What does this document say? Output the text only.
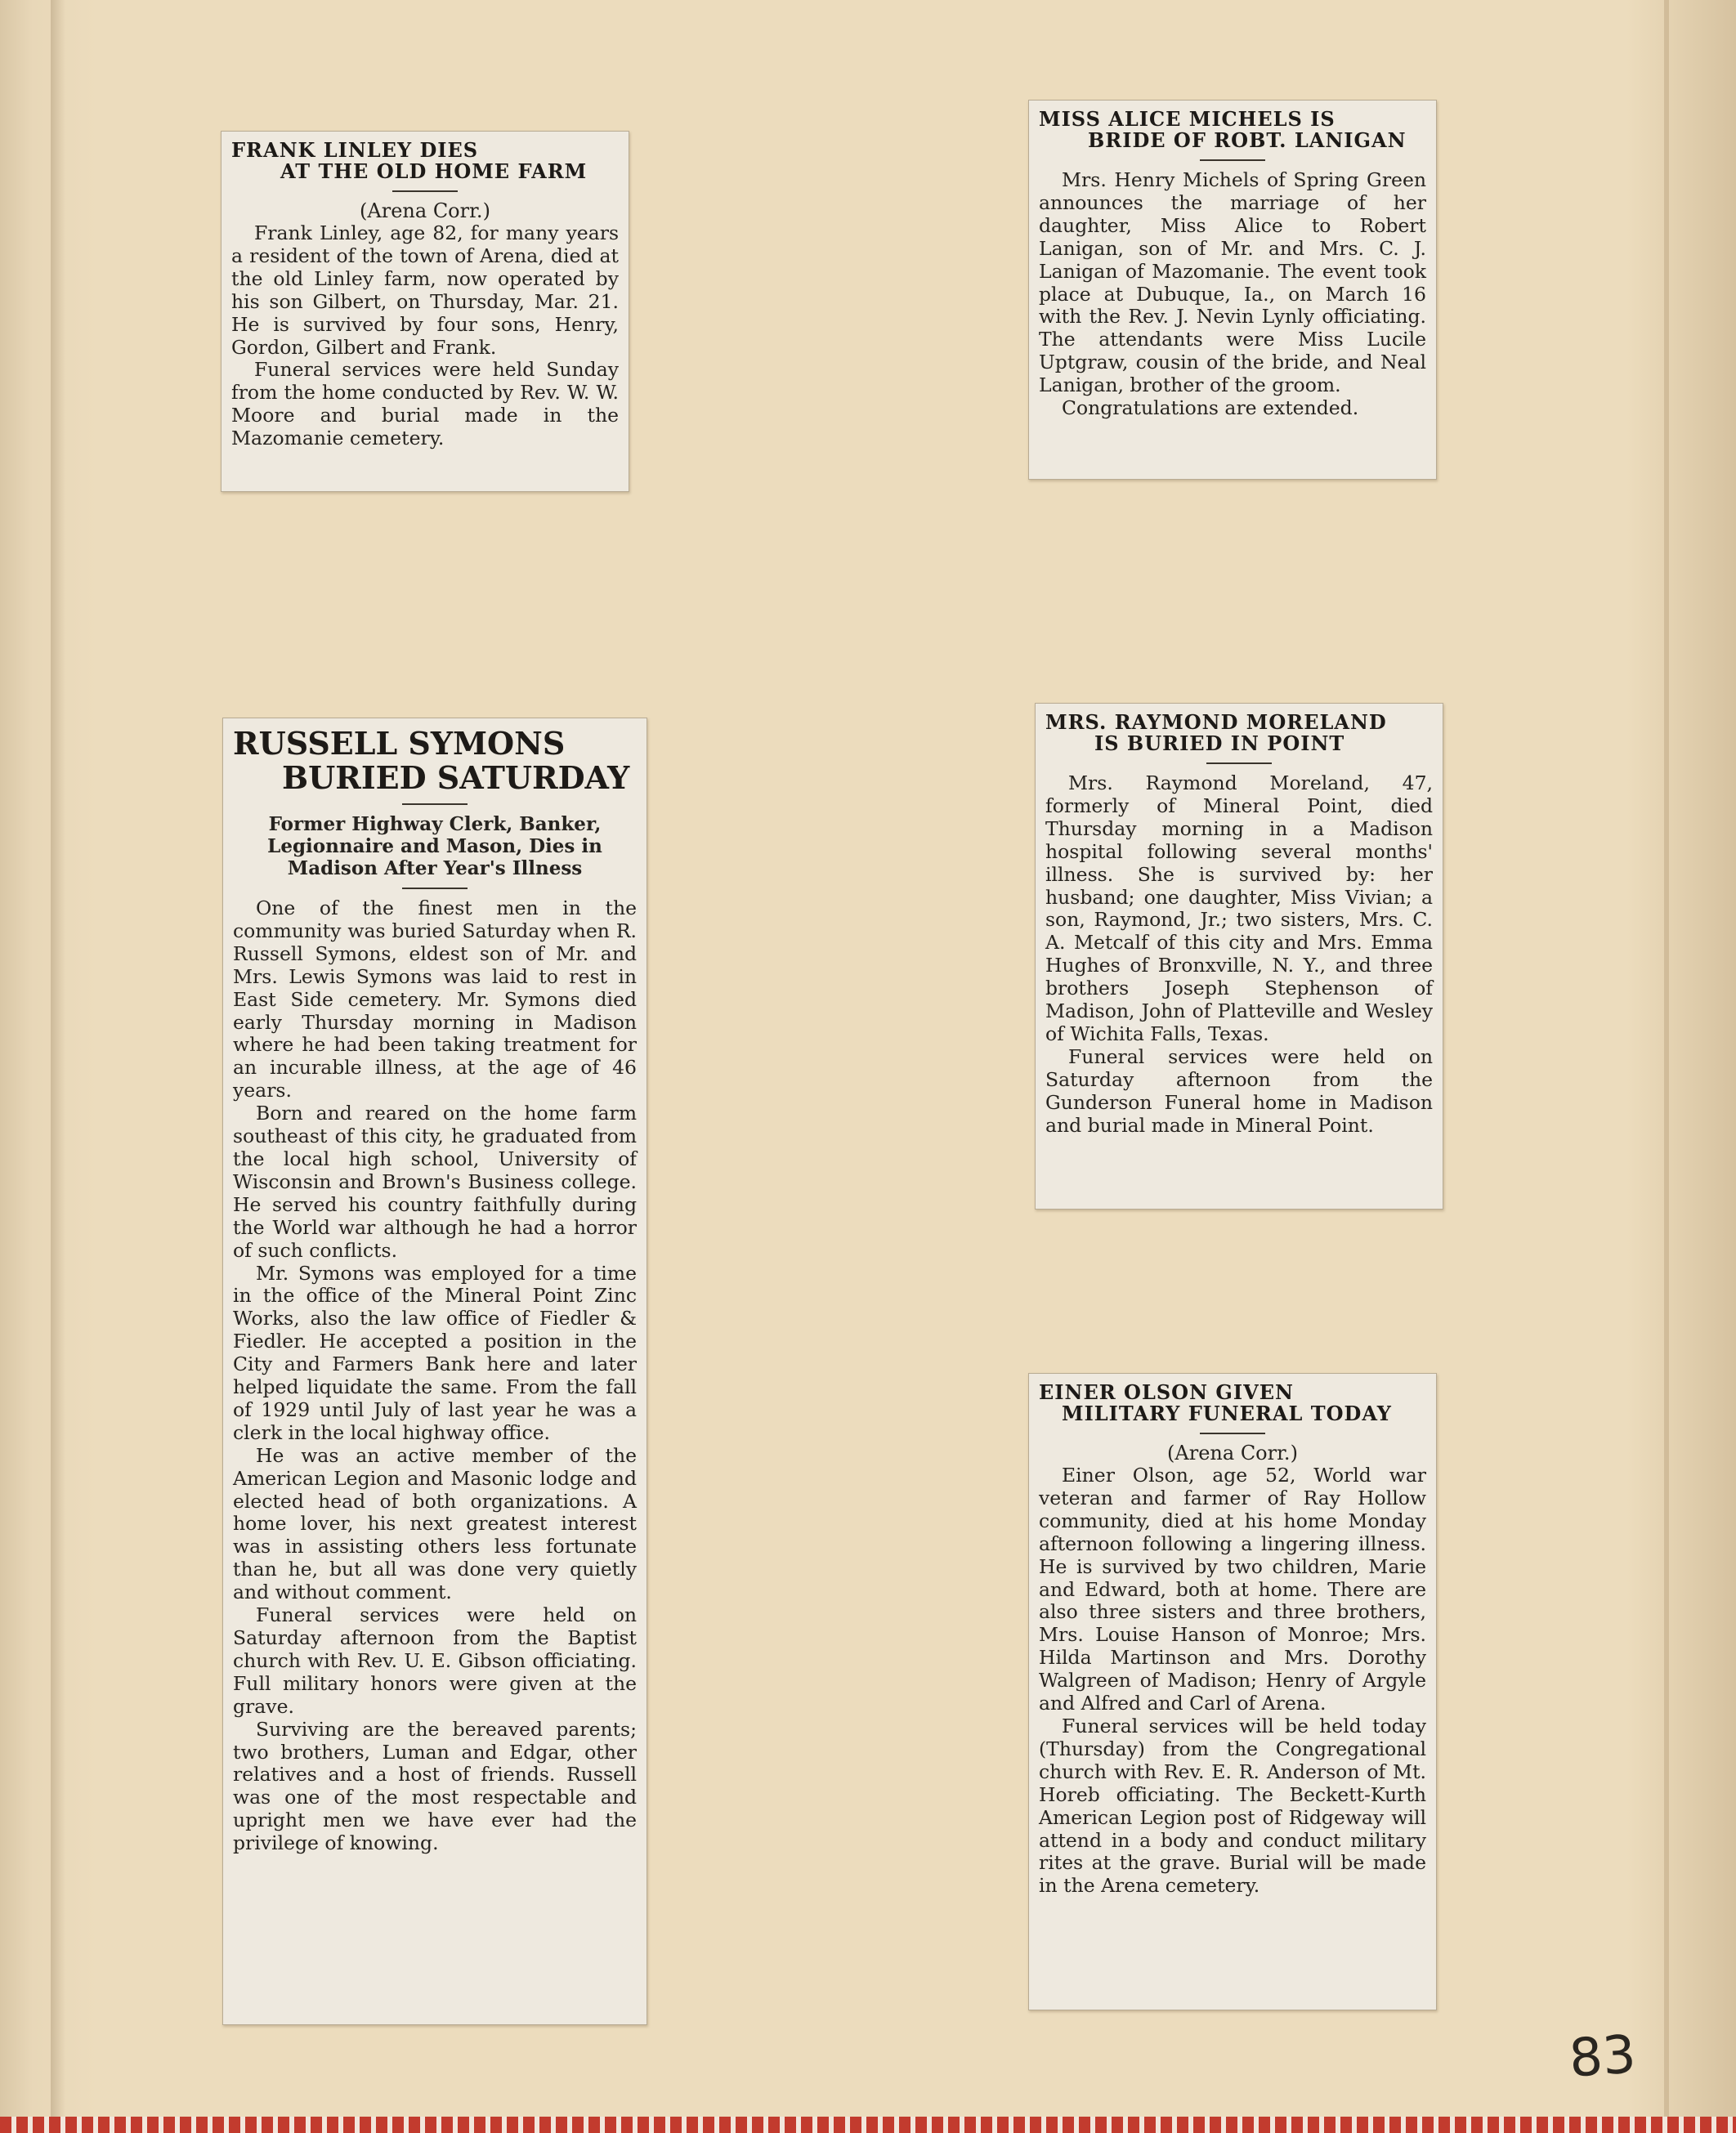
FRANK LINLEY DIES
AT THE OLD HOME FARM
(Arena Corr.)

Frank Linley, age 82, for many years a resident of the town of Arena, died at the old Linley farm, now operated by his son Gilbert, on Thursday, Mar. 21. He is survived by four sons, Henry, Gordon, Gilbert and Frank.

Funeral services were held Sunday from the home conducted by Rev. W. W. Moore and burial made in the Mazomanie cemetery.

MISS ALICE MICHELS IS
BRIDE OF ROBT. LANIGAN

Mrs. Henry Michels of Spring Green announces the marriage of her daughter, Miss Alice to Robert Lanigan, son of Mr. and Mrs. C. J. Lanigan of Mazomanie. The event took place at Dubuque, Ia., on March 16 with the Rev. J. Nevin Lynly officiating. The attendants were Miss Lucile Uptgraw, cousin of the bride, and Neal Lanigan, brother of the groom.

Congratulations are extended.

RUSSELL SYMONS
BURIED SATURDAY
Former Highway Clerk, Banker, Legionnaire and Mason, Dies in Madison After Year's Illness

One of the finest men in the community was buried Saturday when R. Russell Symons, eldest son of Mr. and Mrs. Lewis Symons was laid to rest in East Side cemetery. Mr. Symons died early Thursday morning in Madison where he had been taking treatment for an incurable illness, at the age of 46 years.

Born and reared on the home farm southeast of this city, he graduated from the local high school, University of Wisconsin and Brown's Business college. He served his country faithfully during the World war although he had a horror of such conflicts.

Mr. Symons was employed for a time in the office of the Mineral Point Zinc Works, also the law office of Fiedler & Fiedler. He accepted a position in the City and Farmers Bank here and later helped liquidate the same. From the fall of 1929 until July of last year he was a clerk in the local highway office.

He was an active member of the American Legion and Masonic lodge and elected head of both organizations. A home lover, his next greatest interest was in assisting others less fortunate than he, but all was done very quietly and without comment.

Funeral services were held on Saturday afternoon from the Baptist church with Rev. U. E. Gibson officiating. Full military honors were given at the grave.

Surviving are the bereaved parents; two brothers, Luman and Edgar, other relatives and a host of friends. Russell was one of the most respectable and upright men we have ever had the privilege of knowing.

MRS. RAYMOND MORELAND
IS BURIED IN POINT

Mrs. Raymond Moreland, 47, formerly of Mineral Point, died Thursday morning in a Madison hospital following several months' illness. She is survived by: her husband; one daughter, Miss Vivian; a son, Raymond, Jr.; two sisters, Mrs. C. A. Metcalf of this city and Mrs. Emma Hughes of Bronxville, N. Y., and three brothers Joseph Stephenson of Madison, John of Platteville and Wesley of Wichita Falls, Texas.

Funeral services were held on Saturday afternoon from the Gunderson Funeral home in Madison and burial made in Mineral Point.

EINER OLSON GIVEN
MILITARY FUNERAL TODAY
(Arena Corr.)

Einer Olson, age 52, World war veteran and farmer of Ray Hollow community, died at his home Monday afternoon following a lingering illness. He is survived by two children, Marie and Edward, both at home. There are also three sisters and three brothers, Mrs. Louise Hanson of Monroe; Mrs. Hilda Martinson and Mrs. Dorothy Walgreen of Madison; Henry of Argyle and Alfred and Carl of Arena.

Funeral services will be held today (Thursday) from the Congregational church with Rev. E. R. Anderson of Mt. Horeb officiating. The Beckett-Kurth American Legion post of Ridgeway will attend in a body and conduct military rites at the grave. Burial will be made in the Arena cemetery.

83
